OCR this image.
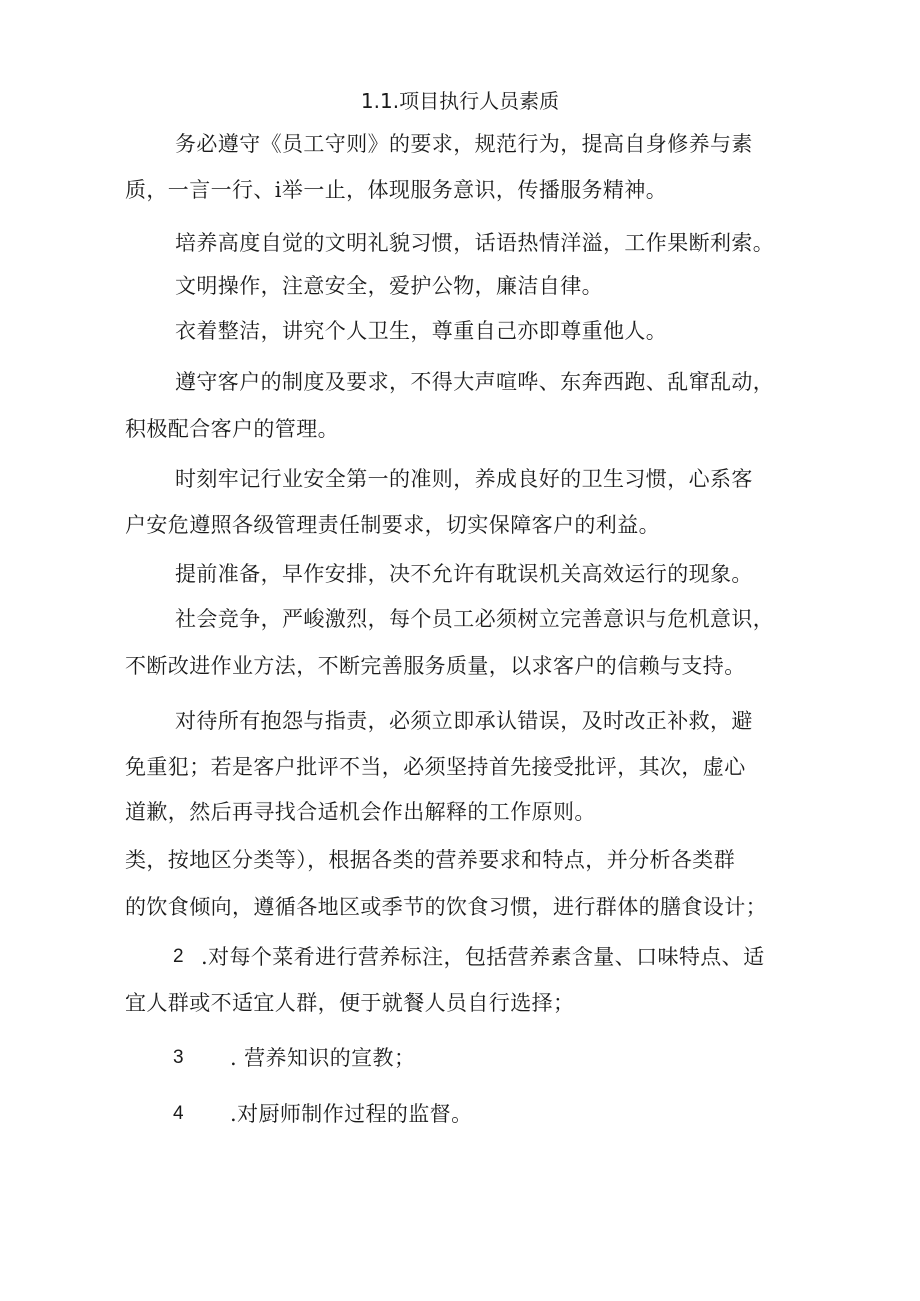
1.1.项目执行人员素质
务必遵守《员工守则》的要求，规范行为，提高自身修养与素
质，一言一行、i举一止，体现服务意识，传播服务精神。
培养高度自觉的文明礼貌习惯，话语热情洋溢，工作果断利索。
文明操作，注意安全，爱护公物，廉洁自律。
衣着整洁，讲究个人卫生，尊重自己亦即尊重他人。
遵守客户的制度及要求，不得大声喧哗、东奔西跑、乱窜乱动，
积极配合客户的管理。
时刻牢记行业安全第一的准则，养成良好的卫生习惯，心系客
户安危遵照各级管理责任制要求，切实保障客户的利益。
提前准备，早作安排，决不允许有耽误机关高效运行的现象。
社会竞争，严峻激烈，每个员工必须树立完善意识与危机意识，
不断改进作业方法，不断完善服务质量，以求客户的信赖与支持。
对待所有抱怨与指责，必须立即承认错误，及时改正补救，避
免重犯；若是客户批评不当，必须坚持首先接受批评，其次，虚心
道歉，然后再寻找合适机会作出解释的工作原则。
类，按地区分类等），根据各类的营养要求和特点，并分析各类群
的饮食倾向，遵循各地区或季节的饮食习惯，进行群体的膳食设计；
2 .对每个菜肴进行营养标注，包括营养素含量、口味特点、适
宜人群或不适宜人群，便于就餐人员自行选择；
3 . 营养知识的宣教；
4 .对厨师制作过程的监督。
